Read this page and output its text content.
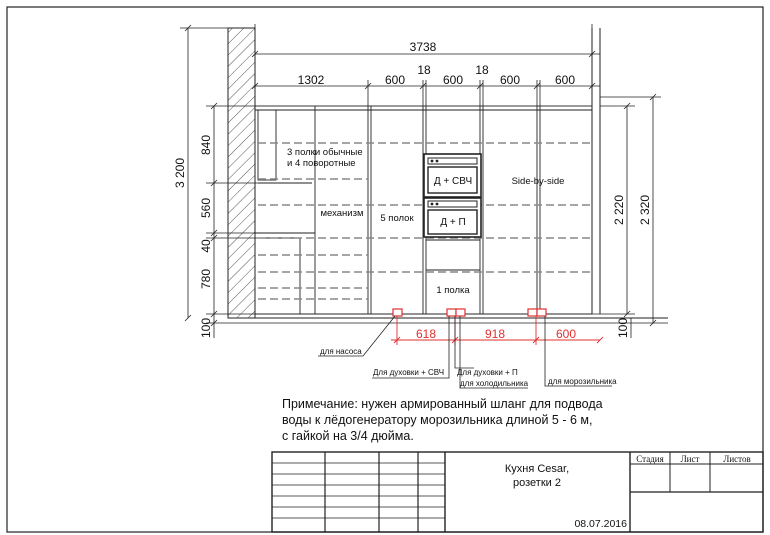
3738
1302	600
18
600
18
600	600
3 200
840
560
40
780
100
2 220 2 320
100
618	918	600
3 полки обычные
и 4 поворотные
механизм 5 полок
Д + СВЧ
Д + П
Side-by-side
1 полка
для насоса
Для духовки + СВЧ Для духовки + П
для холодильника для морозильника
Кухня Cesar,
розетки 2
08.07.2016
Стадия Лист	Листов
Примечание: нужен армированный шланг для подвода
воды к лёдогенератору морозильника длиной 5 - 6 м,
с гайкой на 3/4 дюйма.
